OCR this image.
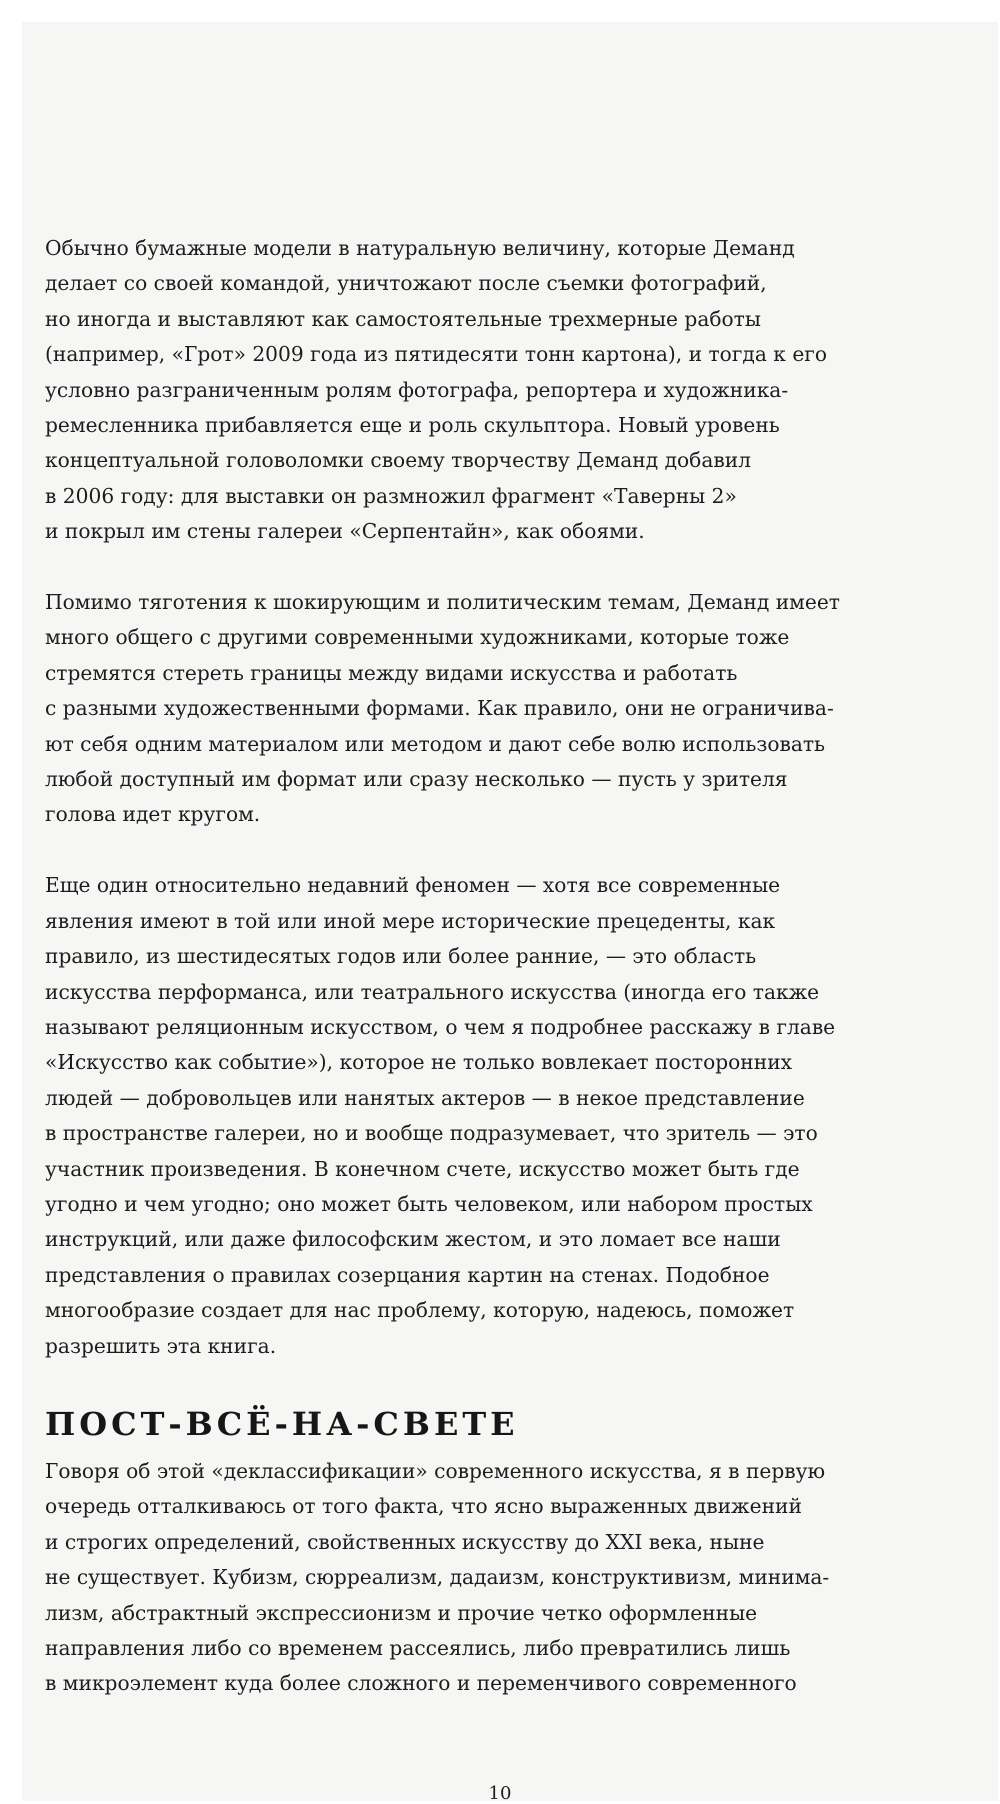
Обычно бумажные модели в натуральную величину, которые Деманд
делает со своей командой, уничтожают после съемки фотографий,
но иногда и выставляют как самостоятельные трехмерные работы
(например, «Грот» 2009 года из пятидесяти тонн картона), и тогда к его
условно разграниченным ролям фотографа, репортера и художника-
ремесленника прибавляется еще и роль скульптора. Новый уровень
концептуальной головоломки своему творчеству Деманд добавил
в 2006 году: для выставки он размножил фрагмент «Таверны 2»
и покрыл им стены галереи «Серпентайн», как обоями.
Помимо тяготения к шокирующим и политическим темам, Деманд имеет
много общего с другими современными художниками, которые тоже
стремятся стереть границы между видами искусства и работать
с разными художественными формами. Как правило, они не ограничива-
ют себя одним материалом или методом и дают себе волю использовать
любой доступный им формат или сразу несколько — пусть у зрителя
голова идет кругом.
Еще один относительно недавний феномен — хотя все современные
явления имеют в той или иной мере исторические прецеденты, как
правило, из шестидесятых годов или более ранние, — это область
искусства перформанса, или театрального искусства (иногда его также
называют реляционным искусством, о чем я подробнее расскажу в главе
«Искусство как событие»), которое не только вовлекает посторонних
людей — добровольцев или нанятых актеров — в некое представление
в пространстве галереи, но и вообще подразумевает, что зритель — это
участник произведения. В конечном счете, искусство может быть где
угодно и чем угодно; оно может быть человеком, или набором простых
инструкций, или даже философским жестом, и это ломает все наши
представления о правилах созерцания картин на стенах. Подобное
многообразие создает для нас проблему, которую, надеюсь, поможет
разрешить эта книга.
ПОСТ-ВСЁ-НА-СВЕТЕ
Говоря об этой «деклассификации» современного искусства, я в первую
очередь отталкиваюсь от того факта, что ясно выраженных движений
и строгих определений, свойственных искусству до XXI века, ныне
не существует. Кубизм, сюрреализм, дадаизм, конструктивизм, минима-
лизм, абстрактный экспрессионизм и прочие четко оформленные
направления либо со временем рассеялись, либо превратились лишь
в микроэлемент куда более сложного и переменчивого современного
10
